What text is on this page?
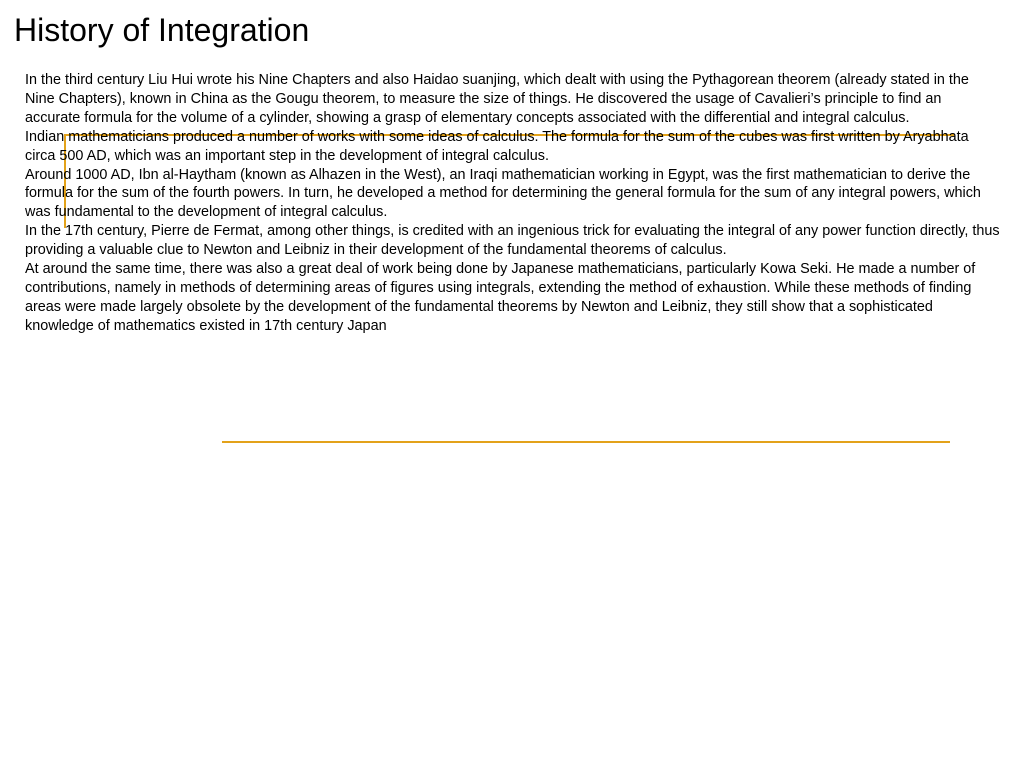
History of Integration

In the third century Liu Hui wrote his Nine Chapters and also Haidao suanjing, which dealt with using the Pythagorean theorem (already stated in the

Nine Chapters), known in China as the Gougu theorem, to measure the size of things. He discovered the usage of Cavalieri’s principle to find an accurate formula for the volume of a cylinder, showing a grasp of elementary concepts associated with the differential and integral calculus.

Indian mathematicians produced a number of works with some ideas of calculus. The formula for the sum of the cubes was first written by Aryabhata circa 500 AD, which was an important step in the development of integral calculus.

Around 1000 AD, Ibn al-Haytham (known as Alhazen in the West), an Iraqi mathematician working in Egypt, was the first mathematician to derive the formula for the sum of the fourth powers. In turn, he developed a method for determining the general formula for the sum of any integral powers, which was fundamental to the development of integral calculus.

In the 17th century, Pierre de Fermat, among other things, is credited with an ingenious trick for evaluating the integral of any power function directly, thus providing a valuable clue to Newton and Leibniz in their development of the fundamental theorems of calculus.

At around the same time, there was also a great deal of work being done by Japanese mathematicians, particularly Kowa Seki. He made a number of contributions, namely in methods of determining areas of figures using integrals, extending the method of exhaustion. While these methods of finding areas were made largely obsolete by the development of the fundamental theorems by Newton and Leibniz, they still show that a sophisticated knowledge of mathematics existed in 17th century Japan
